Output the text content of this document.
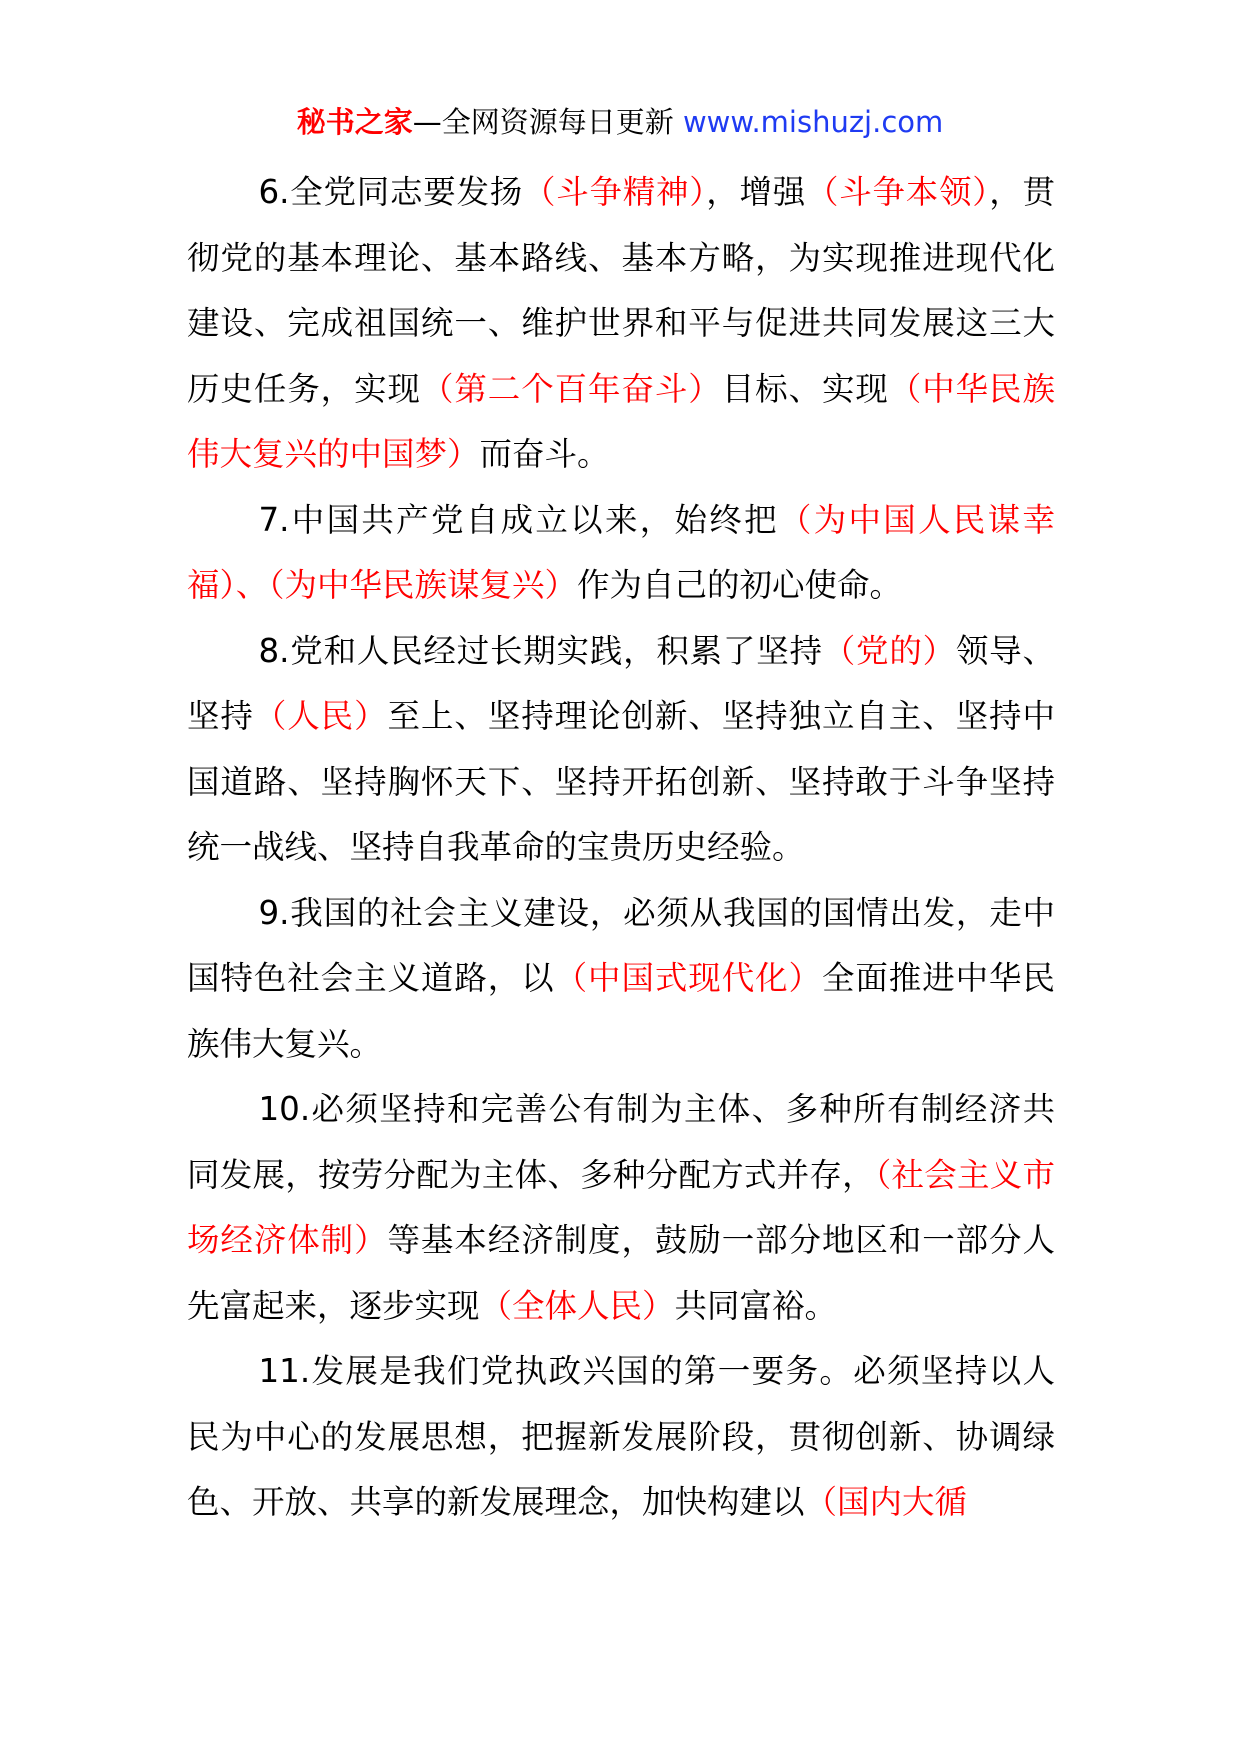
秘书之家—全网资源每日更新 www.mishuzj.com

6.全党同志要发扬（斗争精神），增强（斗争本领），贯彻党的基本理论、基本路线、基本方略，为实现推进现代化建设、完成祖国统一、维护世界和平与促进共同发展这三大历史任务，实现（第二个百年奋斗）目标、实现（中华民族伟大复兴的中国梦）而奋斗。

7.中国共产党自成立以来，始终把（为中国人民谋幸福）、（为中华民族谋复兴）作为自己的初心使命。

8.党和人民经过长期实践，积累了坚持（党的）领导、坚持（人民）至上、坚持理论创新、坚持独立自主、坚持中国道路、坚持胸怀天下、坚持开拓创新、坚持敢于斗争坚持统一战线、坚持自我革命的宝贵历史经验。

9.我国的社会主义建设，必须从我国的国情出发，走中国特色社会主义道路，以（中国式现代化）全面推进中华民族伟大复兴。

10.必须坚持和完善公有制为主体、多种所有制经济共同发展，按劳分配为主体、多种分配方式并存，（社会主义市场经济体制）等基本经济制度，鼓励一部分地区和一部分人先富起来，逐步实现（全体人民）共同富裕。

11.发展是我们党执政兴国的第一要务。必须坚持以人民为中心的发展思想，把握新发展阶段，贯彻创新、协调绿色、开放、共享的新发展理念，加快构建以（国内大循
